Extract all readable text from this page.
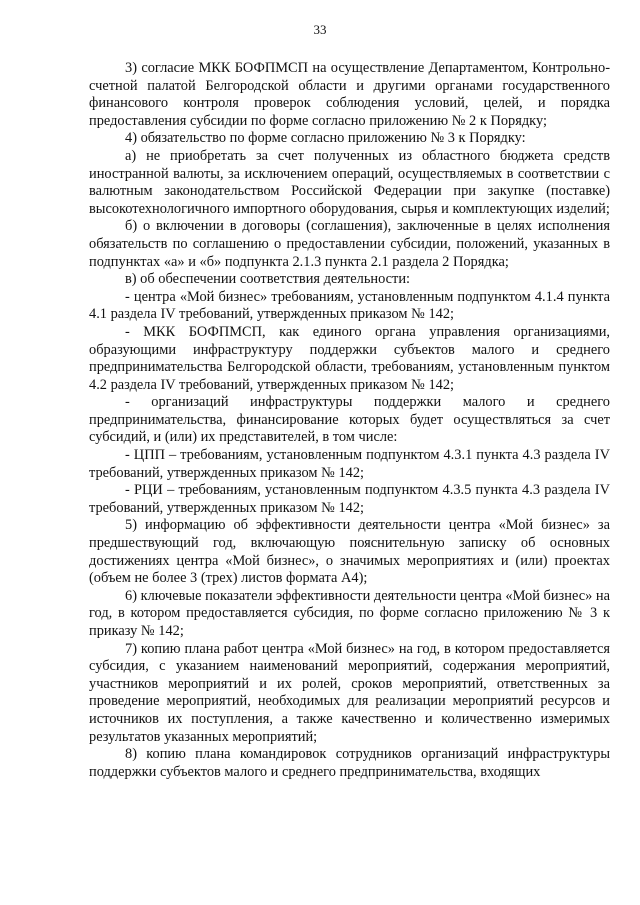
33

3) согласие МКК БОФПМСП на осуществление Департаментом, Контрольно-счетной палатой Белгородской области и другими органами государственного финансового контроля проверок соблюдения условий, целей, и порядка предоставления субсидии по форме согласно приложению № 2 к Порядку;

4) обязательство по форме согласно приложению № 3 к Порядку:

а) не приобретать за счет полученных из областного бюджета средств иностранной валюты, за исключением операций, осуществляемых в соответствии с валютным законодательством Российской Федерации при закупке (поставке) высокотехнологичного импортного оборудования, сырья и комплектующих изделий;

б) о включении в договоры (соглашения), заключенные в целях исполнения обязательств по соглашению о предоставлении субсидии, положений, указанных в подпунктах «а» и «б» подпункта 2.1.3 пункта 2.1 раздела 2 Порядка;

в) об обеспечении соответствия деятельности:

- центра «Мой бизнес» требованиям, установленным подпунктом 4.1.4 пункта 4.1 раздела IV требований, утвержденных приказом № 142;

- МКК БОФПМСП, как единого органа управления организациями, образующими инфраструктуру поддержки субъектов малого и среднего предпринимательства Белгородской области, требованиям, установленным пунктом 4.2 раздела IV требований, утвержденных приказом № 142;

- организаций инфраструктуры поддержки малого и среднего предпринимательства, финансирование которых будет осуществляться за счет субсидий, и (или) их представителей, в том числе:

- ЦПП – требованиям, установленным подпунктом 4.3.1 пункта 4.3 раздела IV требований, утвержденных приказом № 142;

- РЦИ – требованиям, установленным подпунктом 4.3.5 пункта 4.3 раздела IV требований, утвержденных приказом № 142;

5) информацию об эффективности деятельности центра «Мой бизнес» за предшествующий год, включающую пояснительную записку об основных достижениях центра «Мой бизнес», о значимых мероприятиях и (или) проектах (объем не более 3 (трех) листов формата А4);

6) ключевые показатели эффективности деятельности центра «Мой бизнес» на год, в котором предоставляется субсидия, по форме согласно приложению № 3 к приказу № 142;

7) копию плана работ центра «Мой бизнес» на год, в котором предоставляется субсидия, с указанием наименований мероприятий, содержания мероприятий, участников мероприятий и их ролей, сроков мероприятий, ответственных за проведение мероприятий, необходимых для реализации мероприятий ресурсов и источников их поступления, а также качественно и количественно измеримых результатов указанных мероприятий;

8) копию плана командировок сотрудников организаций инфраструктуры поддержки субъектов малого и среднего предпринимательства, входящих
